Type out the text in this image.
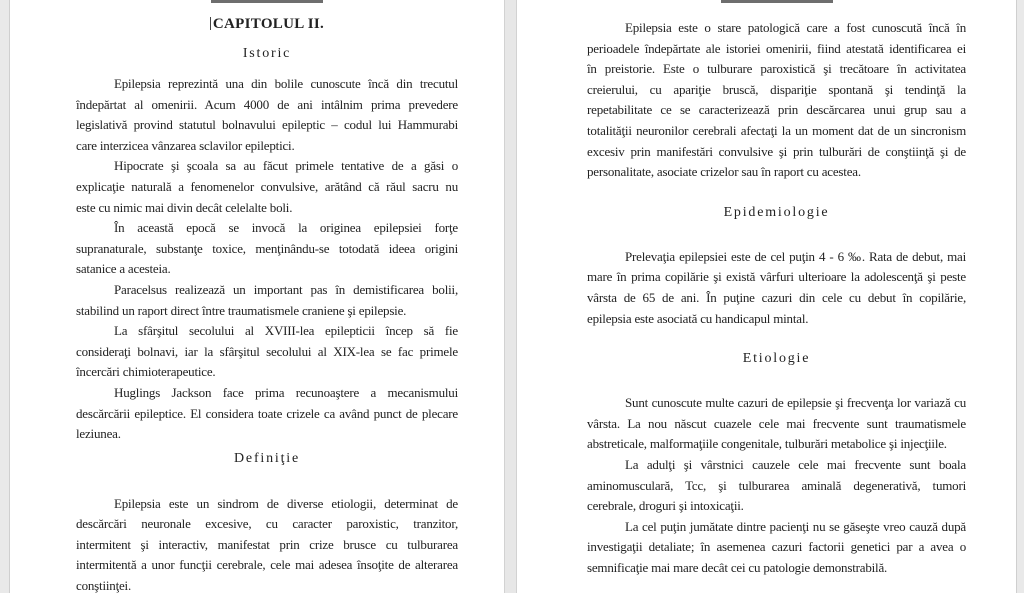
CAPITOLUL II.
Istoric
Epilepsia reprezintă una din bolile cunoscute încă din trecutul
îndepărtat al omenirii. Acum 4000 de ani intâlnim prima prevedere
legislativă provind statutul bolnavului epileptic – codul lui Hammurabi
care interzicea vânzarea sclavilor epileptici.
Hipocrate şi şcoala sa au făcut primele tentative de a găsi o
explicaţie naturală a fenomenelor convulsive, arătând că răul sacru nu
este cu nimic mai divin decât celelalte boli.
În această epocă se invocă la originea epilepsiei forţe
supranaturale, substanţe toxice, menţinându-se totodată ideea origini
satanice a acesteia.
Paracelsus realizează un important pas în demistificarea bolii,
stabilind un raport direct între traumatismele craniene şi epilepsie.
La sfârşitul secolului al XVIII-lea epilepticii încep să fie
consideraţi bolnavi, iar la sfârşitul secolului al XIX-lea se fac primele
încercări chimioterapeutice.
Huglings Jackson face prima recunoaştere a mecanismului
descărcării epileptice. El considera toate crizele ca având punct de plecare
leziunea.
Definiţie
Epilepsia este un sindrom de diverse etiologii, determinat de
descărcări neuronale excesive, cu caracter paroxistic, tranzitor,
intermitent şi interactiv, manifestat prin crize brusce cu tulburarea
intermitentă a unor funcţii cerebrale, cele mai adesea însoţite de alterarea
conştiinţei.
Epilepsia este o stare patologică care a fost cunoscută încă în
perioadele îndepărtate ale istoriei omenirii, fiind atestată identificarea ei
în preistorie. Este o tulburare paroxistică şi trecătoare în activitatea
creierului, cu apariţie bruscă, dispariţie spontană şi tendinţă la
repetabilitate ce se caracterizează prin descărcarea unui grup sau a
totalităţii neuronilor cerebrali afectaţi la un moment dat de un sincronism
excesiv prin manifestări convulsive şi prin tulburări de conştiinţă şi de
personalitate, asociate crizelor sau în raport cu acestea.
Epidemiologie
Prelevaţia epilepsiei este de cel puţin 4 - 6 ‰. Rata de debut, mai
mare în prima copilărie şi există vârfuri ulterioare la adolescenţă şi peste
vârsta de 65 de ani. În puţine cazuri din cele cu debut în copilărie,
epilepsia este asociată cu handicapul mintal.
Etiologie
Sunt cunoscute multe cazuri de epilepsie şi frecvenţa lor variază cu
vârsta. La nou născut cuazele cele mai frecvente sunt traumatismele
abstreticale, malformaţiile congenitale, tulburări metabolice şi injecţiile.
La adulţi şi vârstnici cauzele cele mai frecvente sunt boala
aminomusculară, Tcc, şi tulburarea aminală degenerativă, tumori
cerebrale, droguri şi intoxicaţii.
La cel puţin jumătate dintre pacienţi nu se găseşte vreo cauză după
investigaţii detaliate; în asemenea cazuri factorii genetici par a avea o
semnificaţie mai mare decât cei cu patologie demonstrabilă.
